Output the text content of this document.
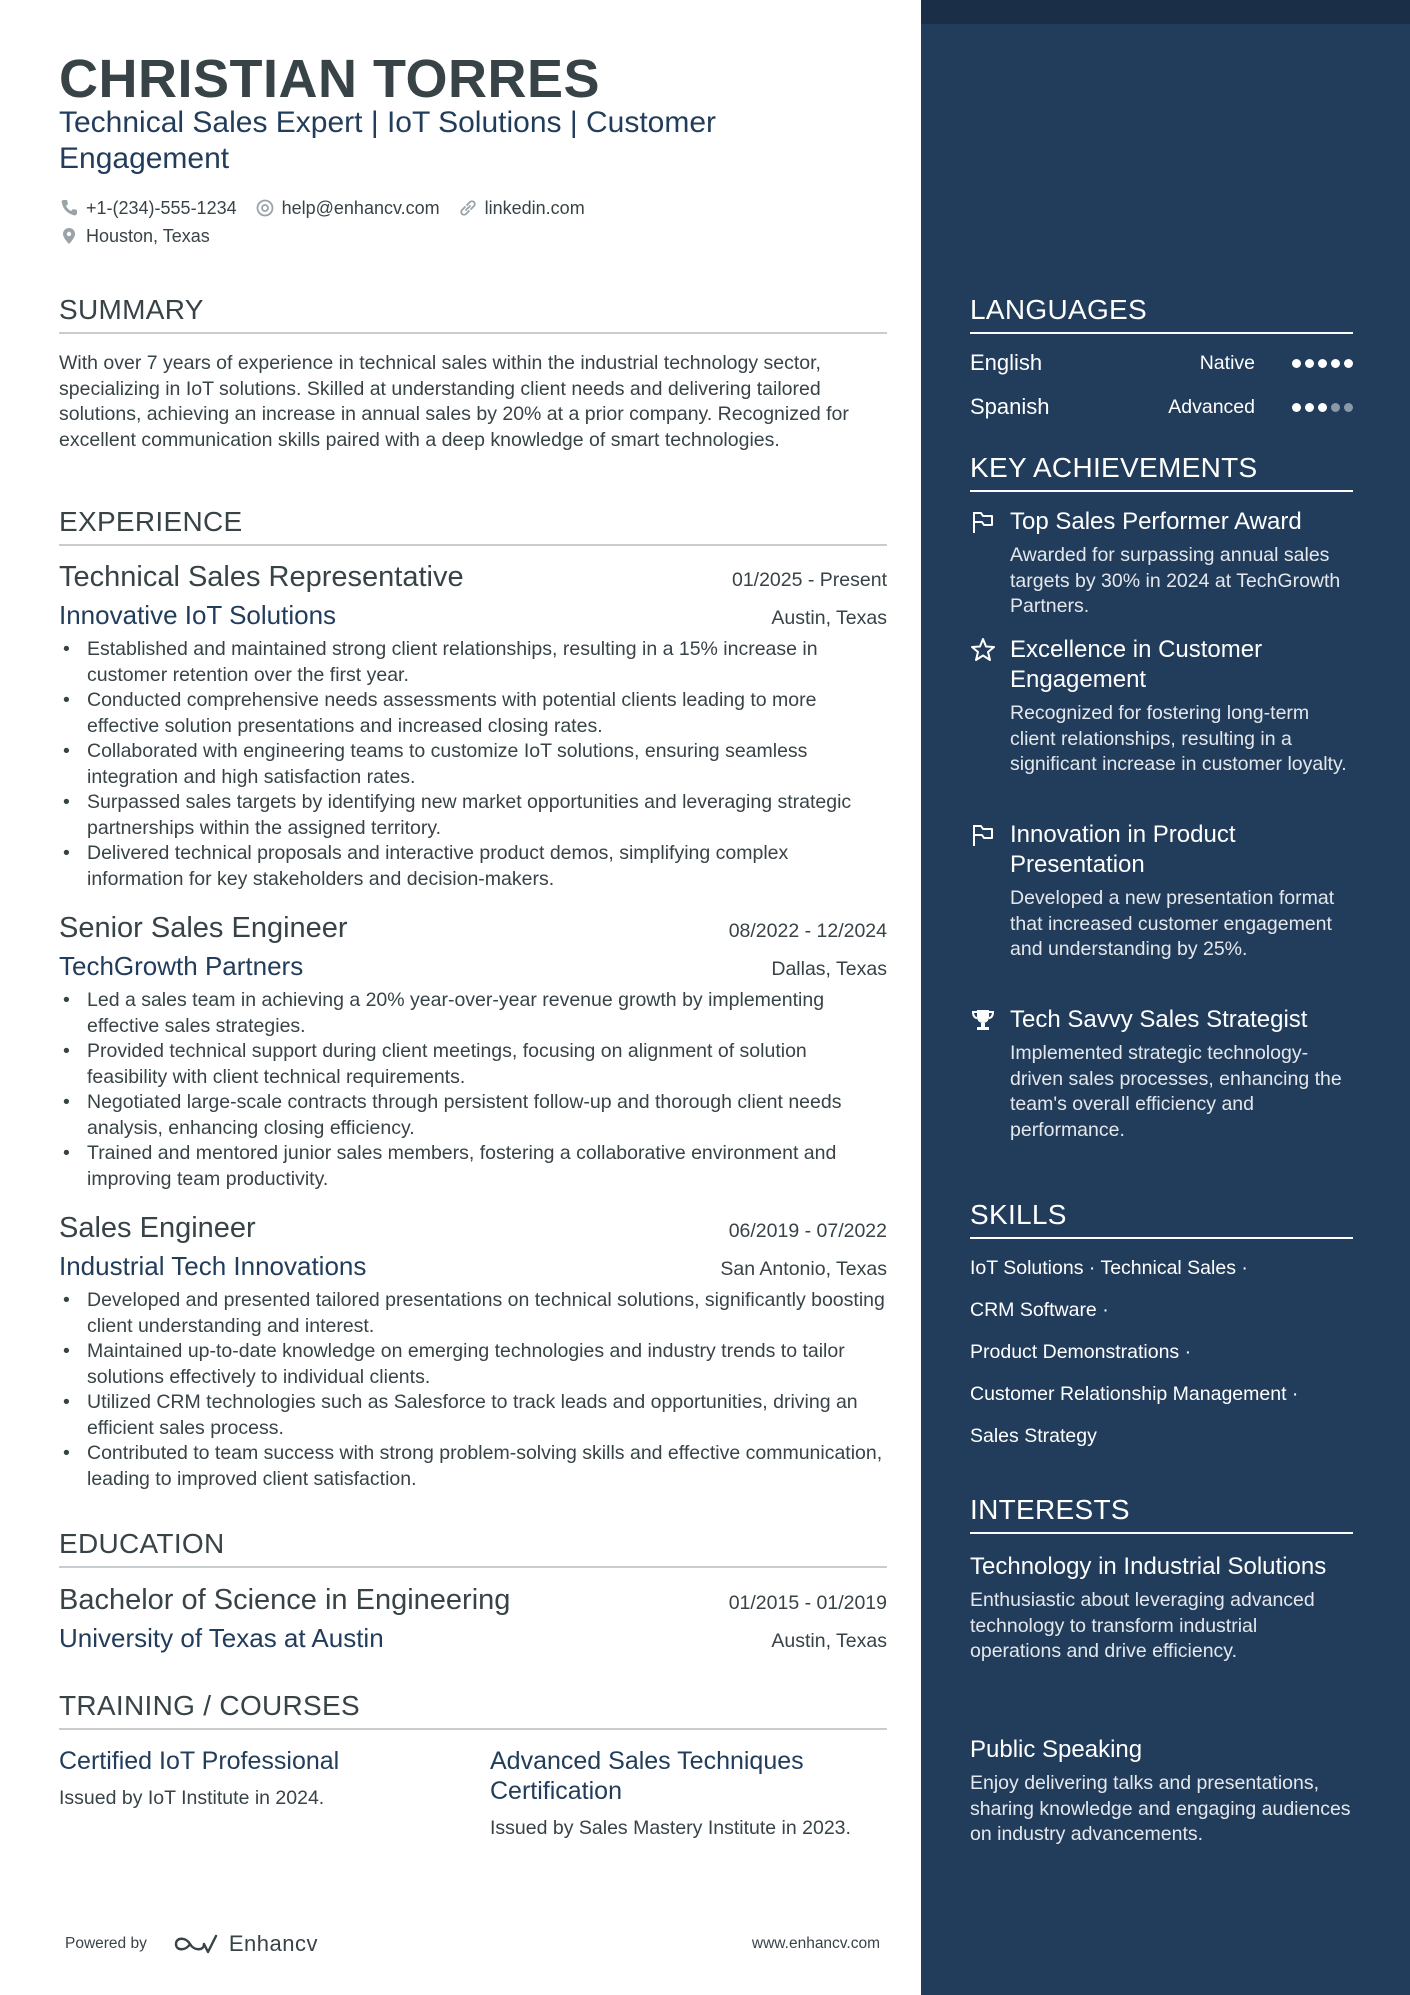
CHRISTIAN TORRES
Technical Sales Expert | IoT Solutions | Customer Engagement
+1-(234)-555-1234	help@enhancv.com	linkedin.com
Houston, Texas
SUMMARY
With over 7 years of experience in technical sales within the industrial technology sector, specializing in IoT solutions. Skilled at understanding client needs and delivering tailored solutions, achieving an increase in annual sales by 20% at a prior company. Recognized for excellent communication skills paired with a deep knowledge of smart technologies.
EXPERIENCE
Technical Sales Representative	01/2025 - Present
Innovative IoT Solutions	Austin, Texas
• Established and maintained strong client relationships, resulting in a 15% increase in customer retention over the first year.
• Conducted comprehensive needs assessments with potential clients leading to more effective solution presentations and increased closing rates.
• Collaborated with engineering teams to customize IoT solutions, ensuring seamless integration and high satisfaction rates.
• Surpassed sales targets by identifying new market opportunities and leveraging strategic partnerships within the assigned territory.
• Delivered technical proposals and interactive product demos, simplifying complex information for key stakeholders and decision-makers.
Senior Sales Engineer	08/2022 - 12/2024
TechGrowth Partners	Dallas, Texas
• Led a sales team in achieving a 20% year-over-year revenue growth by implementing effective sales strategies.
• Provided technical support during client meetings, focusing on alignment of solution feasibility with client technical requirements.
• Negotiated large-scale contracts through persistent follow-up and thorough client needs analysis, enhancing closing efficiency.
• Trained and mentored junior sales members, fostering a collaborative environment and improving team productivity.
Sales Engineer	06/2019 - 07/2022
Industrial Tech Innovations	San Antonio, Texas
• Developed and presented tailored presentations on technical solutions, significantly boosting client understanding and interest.
• Maintained up-to-date knowledge on emerging technologies and industry trends to tailor solutions effectively to individual clients.
• Utilized CRM technologies such as Salesforce to track leads and opportunities, driving an efficient sales process.
• Contributed to team success with strong problem-solving skills and effective communication, leading to improved client satisfaction.
EDUCATION
Bachelor of Science in Engineering	01/2015 - 01/2019
University of Texas at Austin	Austin, Texas
TRAINING / COURSES
Certified IoT Professional
Issued by IoT Institute in 2024.
Advanced Sales Techniques Certification
Issued by Sales Mastery Institute in 2023.
Powered by	Enhancv	www.enhancv.com
LANGUAGES
English	Native
Spanish	Advanced
KEY ACHIEVEMENTS
Top Sales Performer Award
Awarded for surpassing annual sales targets by 30% in 2024 at TechGrowth Partners.
Excellence in Customer Engagement
Recognized for fostering long-term client relationships, resulting in a significant increase in customer loyalty.
Innovation in Product Presentation
Developed a new presentation format that increased customer engagement and understanding by 25%.
Tech Savvy Sales Strategist
Implemented strategic technology-driven sales processes, enhancing the team's overall efficiency and performance.
SKILLS
IoT Solutions · Technical Sales ·
CRM Software ·
Product Demonstrations ·
Customer Relationship Management ·
Sales Strategy
INTERESTS
Technology in Industrial Solutions
Enthusiastic about leveraging advanced technology to transform industrial operations and drive efficiency.
Public Speaking
Enjoy delivering talks and presentations, sharing knowledge and engaging audiences on industry advancements.
